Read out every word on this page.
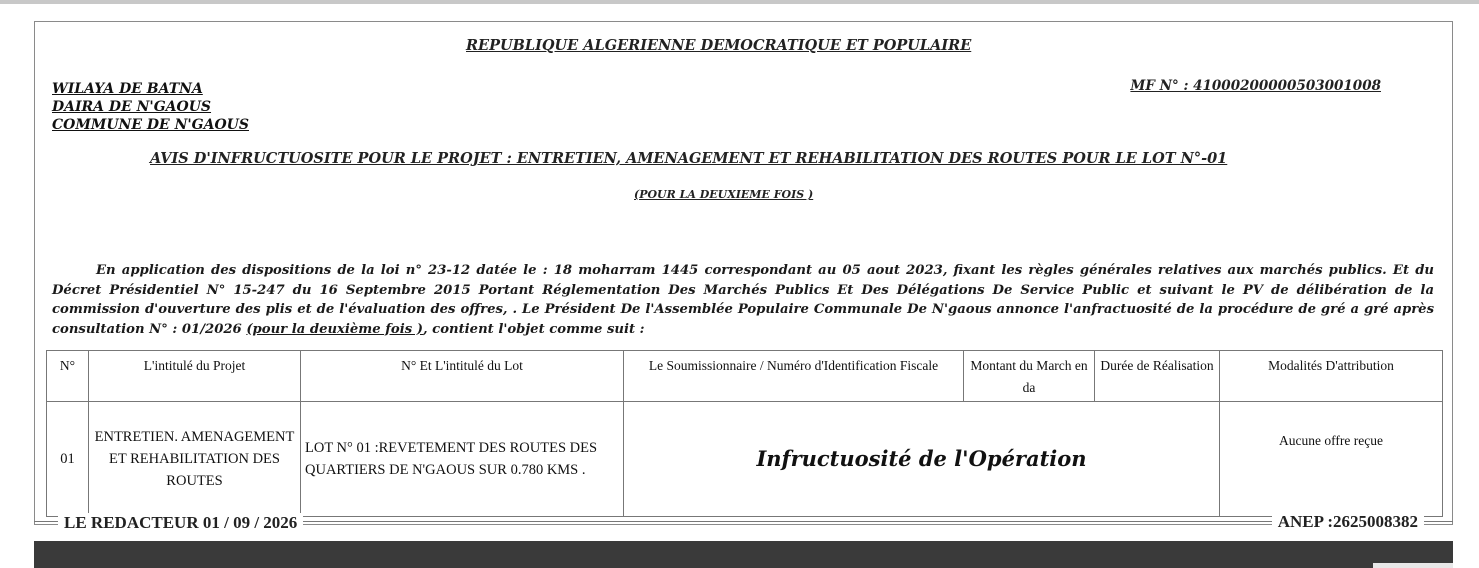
REPUBLIQUE ALGERIENNE DEMOCRATIQUE ET POPULAIRE
WILAYA DE BATNA
DAIRA DE N'GAOUS
COMMUNE DE N'GAOUS
MF N° : 41000200000503001008
AVIS D'INFRUCTUOSITE POUR LE PROJET : ENTRETIEN, AMENAGEMENT ET REHABILITATION DES ROUTES POUR LE LOT N°-01
(POUR LA DEUXIEME FOIS )
En application des dispositions de la loi n° 23-12 datée le : 18 moharram 1445 correspondant au 05 aout 2023, fixant les règles générales relatives aux marchés publics. Et du Décret Présidentiel N° 15-247 du 16 Septembre 2015 Portant Réglementation Des Marchés Publics Et Des Délégations De Service Public et suivant le PV de délibération de la commission d'ouverture des plis et de l'évaluation des offres, . Le Président De l'Assemblée Populaire Communale De N'gaous annonce l'anfractuosité de la procédure de gré a gré après consultation N° : 01/2026 (pour la deuxième fois ), contient l'objet comme suit :
N°	L'intitulé du Projet	N° Et L'intitulé du Lot	Le Soumissionnaire / Numéro d'Identification Fiscale	Montant du March en da	Durée de Réalisation	Modalités D'attribution
01	ENTRETIEN. AMENAGEMENT ET REHABILITATION DES ROUTES	LOT N° 01 :REVETEMENT DES ROUTES DES QUARTIERS DE N'GAOUS SUR 0.780 KMS .	Infructuosité de l'Opération			Aucune offre reçue
LE REDACTEUR 01 / 09 / 2026	ANEP :2625008382
